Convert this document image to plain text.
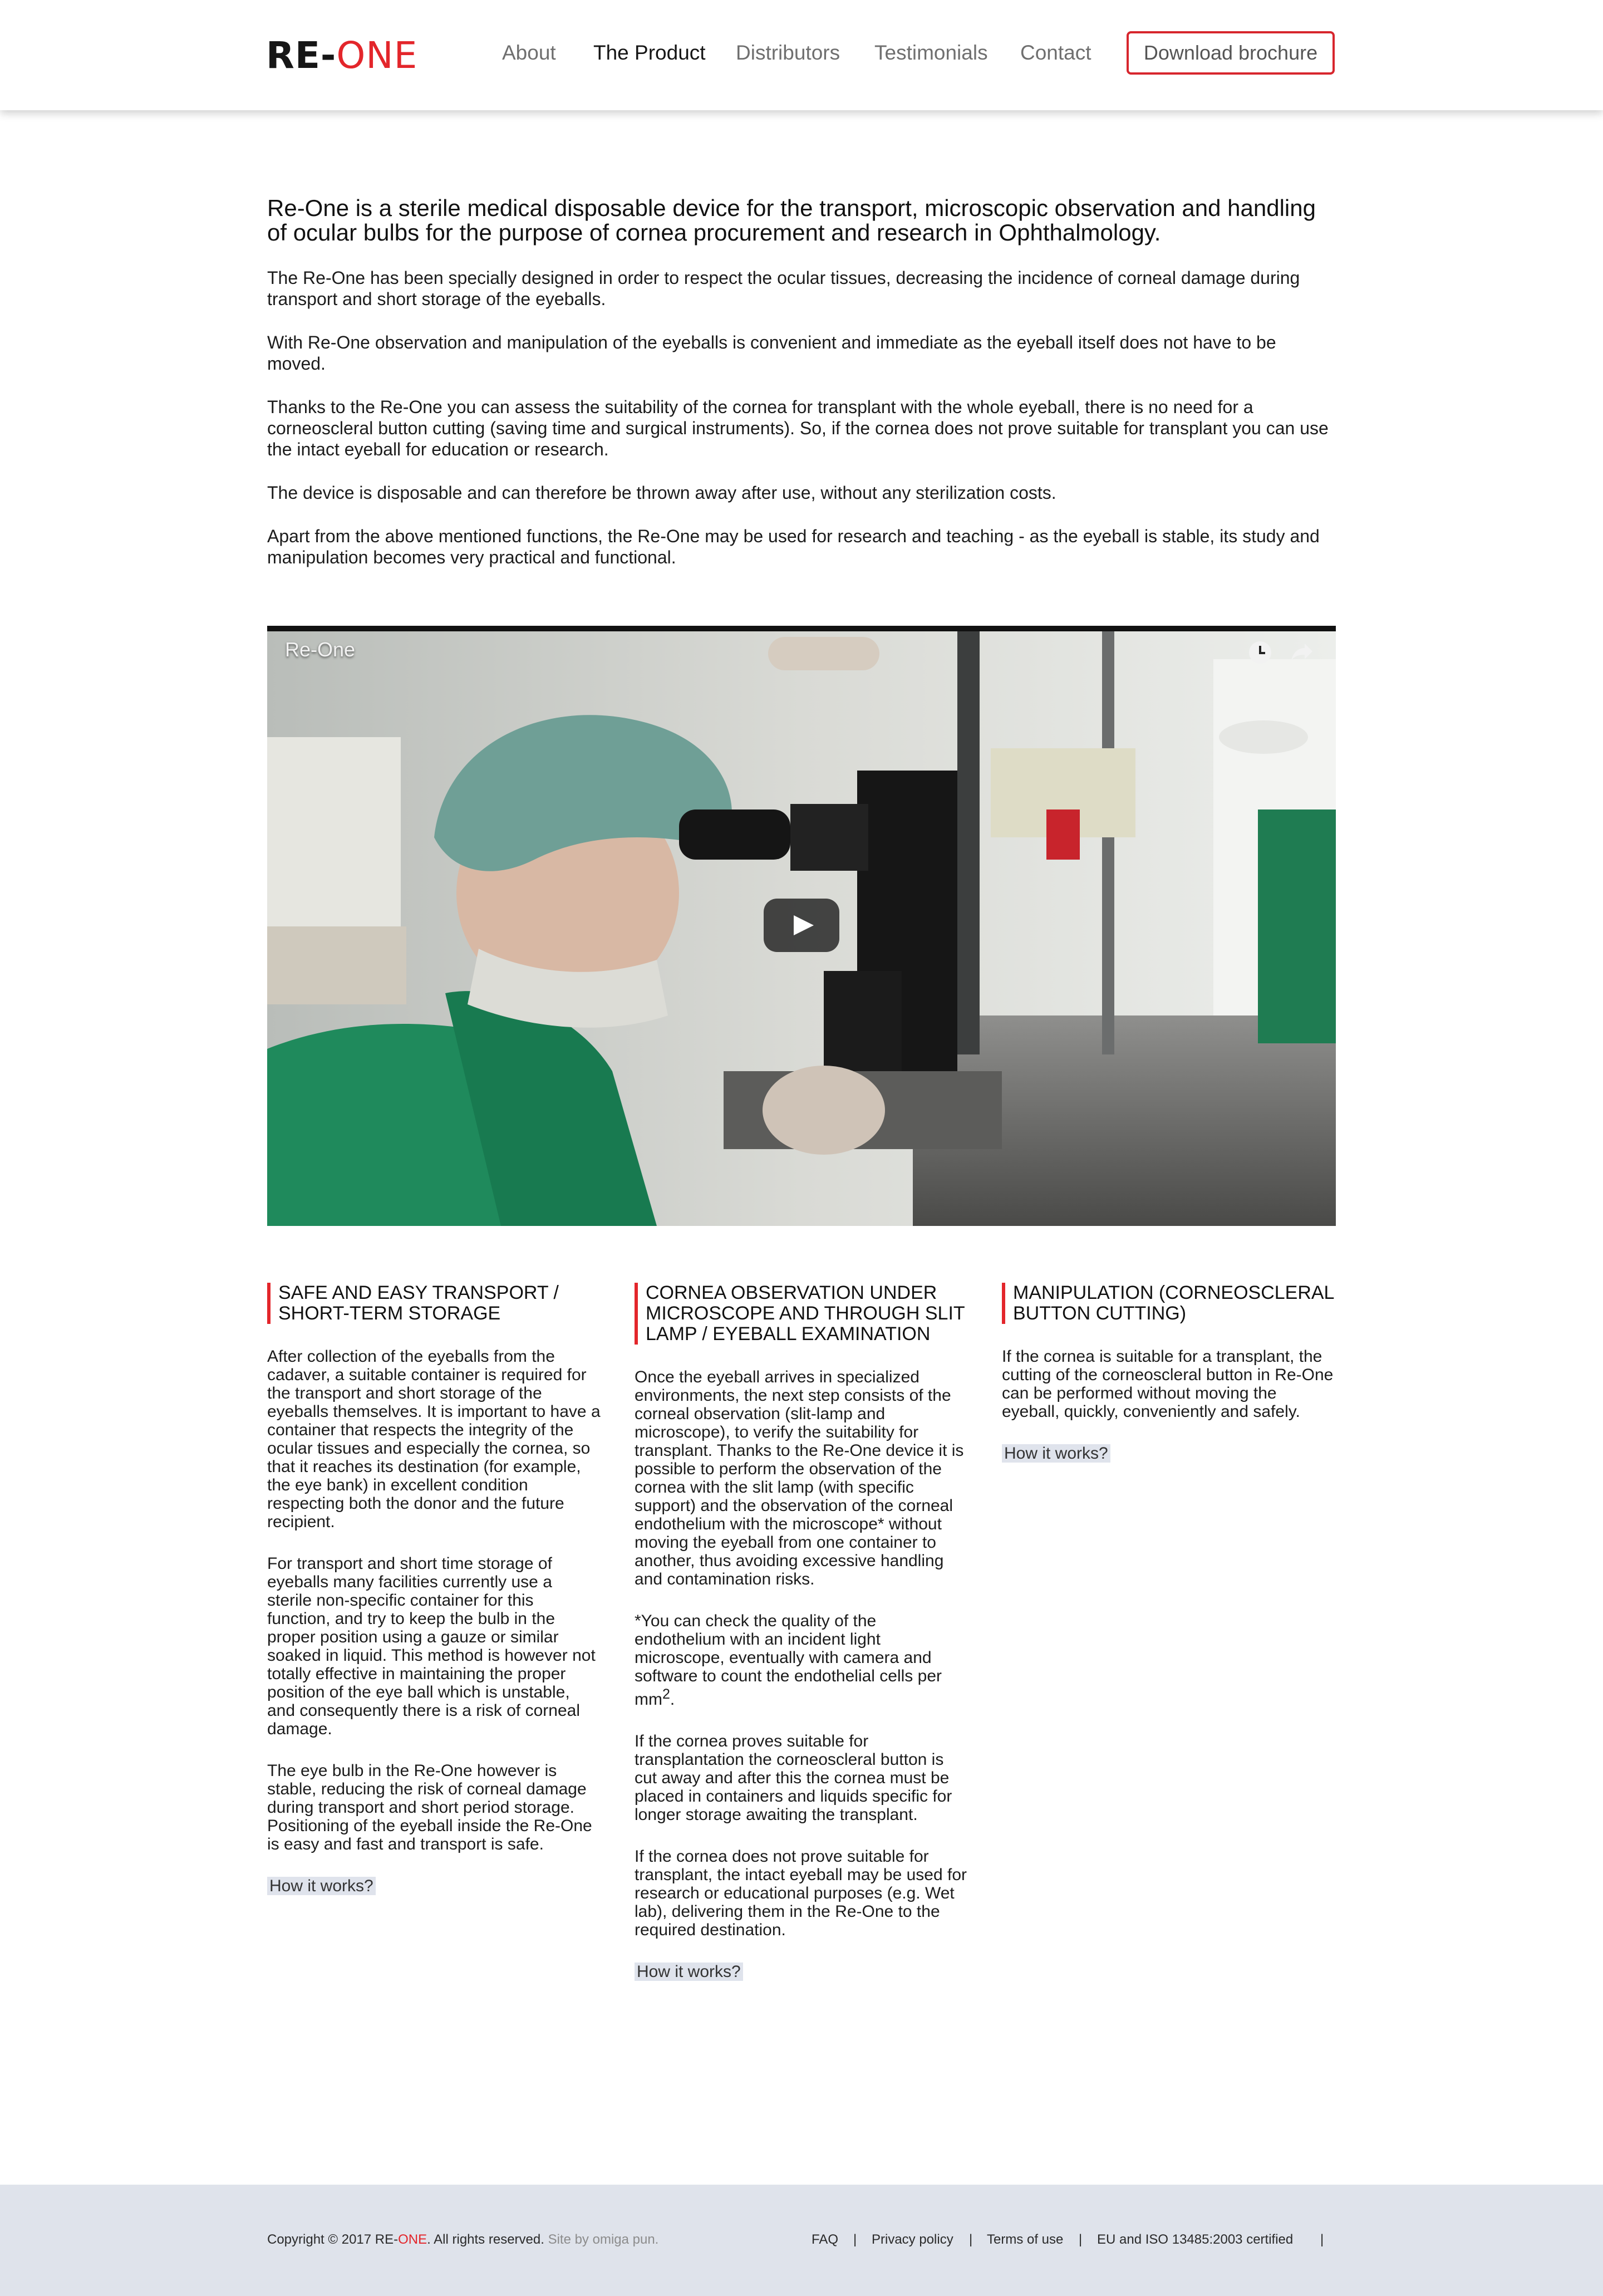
RE-ONE	About The Product Distributors Testimonials Contact	Download brochure
Re-One is a sterile medical disposable device for the transport, microscopic observation and handling of ocular bulbs for the purpose of cornea procurement and research in Ophthalmology.

The Re-One has been specially designed in order to respect the ocular tissues, decreasing the incidence of corneal damage during transport and short storage of the eyeballs.

With Re-One observation and manipulation of the eyeballs is convenient and immediate as the eyeball itself does not have to be moved.

Thanks to the Re-One you can assess the suitability of the cornea for transplant with the whole eyeball, there is no need for a corneoscleral button cutting (saving time and surgical instruments). So, if the cornea does not prove suitable for transplant you can use the intact eyeball for education or research.

The device is disposable and can therefore be thrown away after use, without any sterilization costs.

Apart from the above mentioned functions, the Re-One may be used for research and teaching - as the eyeball is stable, its study and manipulation becomes very practical and functional.

Re-One
SAFE AND EASY TRANSPORT / SHORT-TERM STORAGE

After collection of the eyeballs from the cadaver, a suitable container is required for the transport and short storage of the eyeballs themselves. It is important to have a container that respects the integrity of the ocular tissues and especially the cornea, so that it reaches its destination (for example, the eye bank) in excellent condition respecting both the donor and the future recipient.

For transport and short time storage of eyeballs many facilities currently use a sterile non-specific container for this function, and try to keep the bulb in the proper position using a gauze or similar soaked in liquid. This method is however not totally effective in maintaining the proper position of the eye ball which is unstable, and consequently there is a risk of corneal damage.

The eye bulb in the Re-One however is stable, reducing the risk of corneal damage during transport and short period storage. Positioning of the eyeball inside the Re-One is easy and fast and transport is safe.

How it works?
CORNEA OBSERVATION UNDER MICROSCOPE AND THROUGH SLIT LAMP / EYEBALL EXAMINATION

Once the eyeball arrives in specialized environments, the next step consists of the corneal observation (slit-lamp and microscope), to verify the suitability for transplant. Thanks to the Re-One device it is possible to perform the observation of the cornea with the slit lamp (with specific support) and the observation of the corneal endothelium with the microscope* without moving the eyeball from one container to another, thus avoiding excessive handling and contamination risks.

*You can check the quality of the endothelium with an incident light microscope, eventually with camera and software to count the endothelial cells per $mm^2$.

If the cornea proves suitable for transplantation the corneoscleral button is cut away and after this the cornea must be placed in containers and liquids specific for longer storage awaiting the transplant.

If the cornea does not prove suitable for transplant, the intact eyeball may be used for research or educational purposes (e.g. Wet lab), delivering them in the Re-One to the required destination.

How it works?
MANIPULATION (CORNEOSCLERAL BUTTON CUTTING)

If the cornea is suitable for a transplant, the cutting of the corneoscleral button in Re-One can be performed without moving the eyeball, quickly, conveniently and safely.

How it works?
Copyright © 2017 RE-ONE. All rights reserved. Site by omiga pun.	FAQ | Privacy policy | Terms of use | EU and ISO 13485:2003 certified |
